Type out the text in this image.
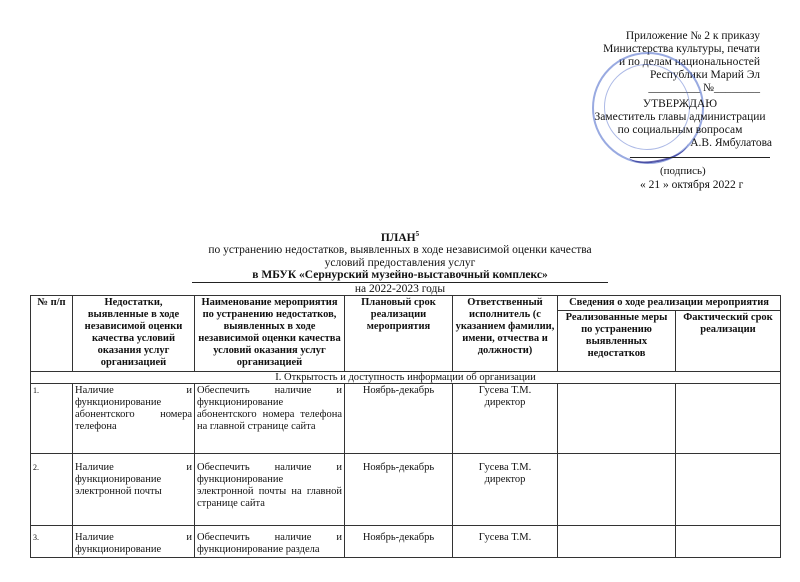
Приложение № 2 к приказу
Министерства культуры, печати
и по делам национальностей
Республики Марий Эл
_________ №________
УТВЕРЖДАЮ
Заместитель главы администрации
по социальным вопросам
А.В. Ямбулатова
(подпись)
« 21 » октября 2022 г
ПЛАН$^5$
по устранению недостатков, выявленных в ходе независимой оценки качества
условий предоставления услуг
в МБУК «Сернурский музейно-выставочный комплекс»
на 2022-2023 годы
№ п/п	Недостатки, выявленные в ходе независимой оценки качества условий оказания услуг организацией	Наименование мероприятия по устранению недостатков, выявленных в ходе независимой оценки качества условий оказания услуг организацией	Плановый срок реализации мероприятия	Ответственный исполнитель (с указанием фамилии, имени, отчества и должности)	Сведения о ходе реализации мероприятия	
					Реализованные меры по устранению выявленных недостатков	Фактический срок реализации
I. Открытость и доступность информации об организации						
1.	Наличие и функционирование абонентского номера телефона	Обеспечить наличие и функционирование абонентского номера телефона на главной странице сайта	Ноябрь-декабрь	Гусева Т.М.
директор		

2.	Наличие и функционирование электронной почты	Обеспечить наличие и функционирование электронной почты на главной странице сайта	Ноябрь-декабрь	Гусева Т.М.
директор		

3.	Наличие и функционирование	Обеспечить наличие и функционирование раздела	Ноябрь-декабрь	Гусева Т.М.		
